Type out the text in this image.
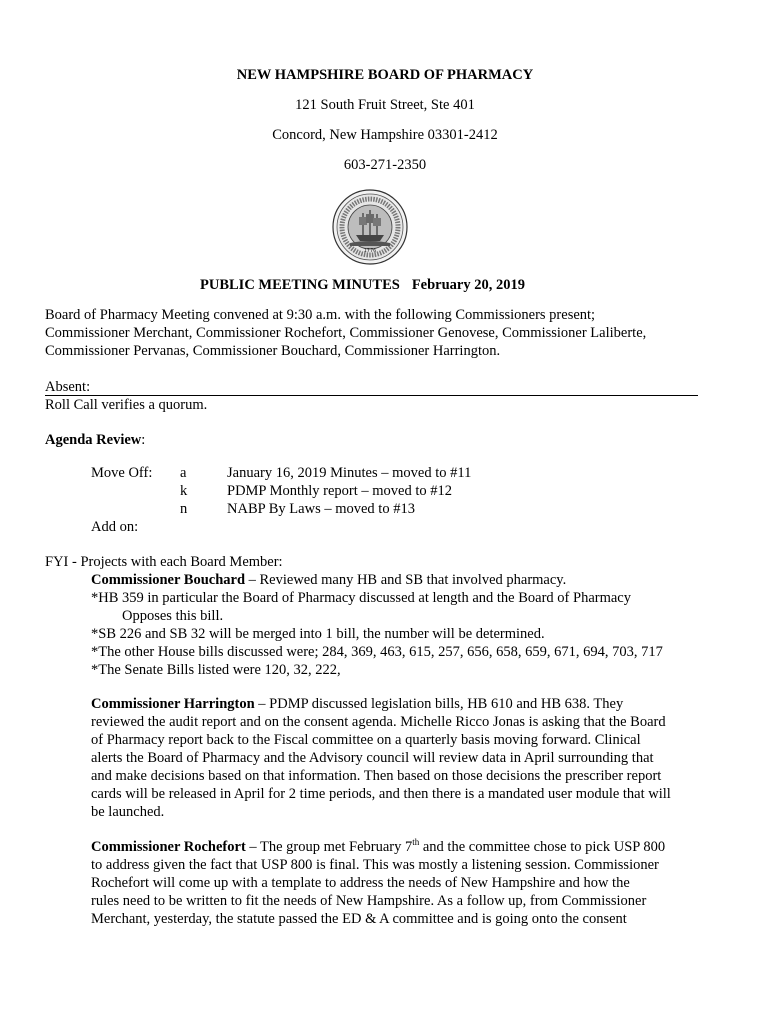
NEW HAMPSHIRE BOARD OF PHARMACY
121 South Fruit Street, Ste 401
Concord, New Hampshire 03301-2412
603-271-2350
1776
PUBLIC MEETING MINUTES February 20, 2019
Board of Pharmacy Meeting convened at 9:30 a.m. with the following Commissioners present;
Commissioner Merchant, Commissioner Rochefort, Commissioner Genovese, Commissioner Laliberte,
Commissioner Pervanas, Commissioner Bouchard, Commissioner Harrington.
Absent:
Roll Call verifies a quorum.
Agenda Review:
Move Off: a	January 16, 2019 Minutes – moved to #11
k	PDMP Monthly report – moved to #12
n	NABP By Laws – moved to #13
Add on:
FYI - Projects with each Board Member:
Commissioner Bouchard – Reviewed many HB and SB that involved pharmacy.
*HB 359 in particular the Board of Pharmacy discussed at length and the Board of Pharmacy
Opposes this bill.
*SB 226 and SB 32 will be merged into 1 bill, the number will be determined.
*The other House bills discussed were; 284, 369, 463, 615, 257, 656, 658, 659, 671, 694, 703, 717
*The Senate Bills listed were 120, 32, 222,
Commissioner Harrington – PDMP discussed legislation bills, HB 610 and HB 638. They
reviewed the audit report and on the consent agenda. Michelle Ricco Jonas is asking that the Board
of Pharmacy report back to the Fiscal committee on a quarterly basis moving forward. Clinical
alerts the Board of Pharmacy and the Advisory council will review data in April surrounding that
and make decisions based on that information. Then based on those decisions the prescriber report
cards will be released in April for 2 time periods, and then there is a mandated user module that will
be launched.
Commissioner Rochefort – The group met February 7th and the committee chose to pick USP 800
to address given the fact that USP 800 is final. This was mostly a listening session. Commissioner
Rochefort will come up with a template to address the needs of New Hampshire and how the
rules need to be written to fit the needs of New Hampshire. As a follow up, from Commissioner
Merchant, yesterday, the statute passed the ED & A committee and is going onto the consent
